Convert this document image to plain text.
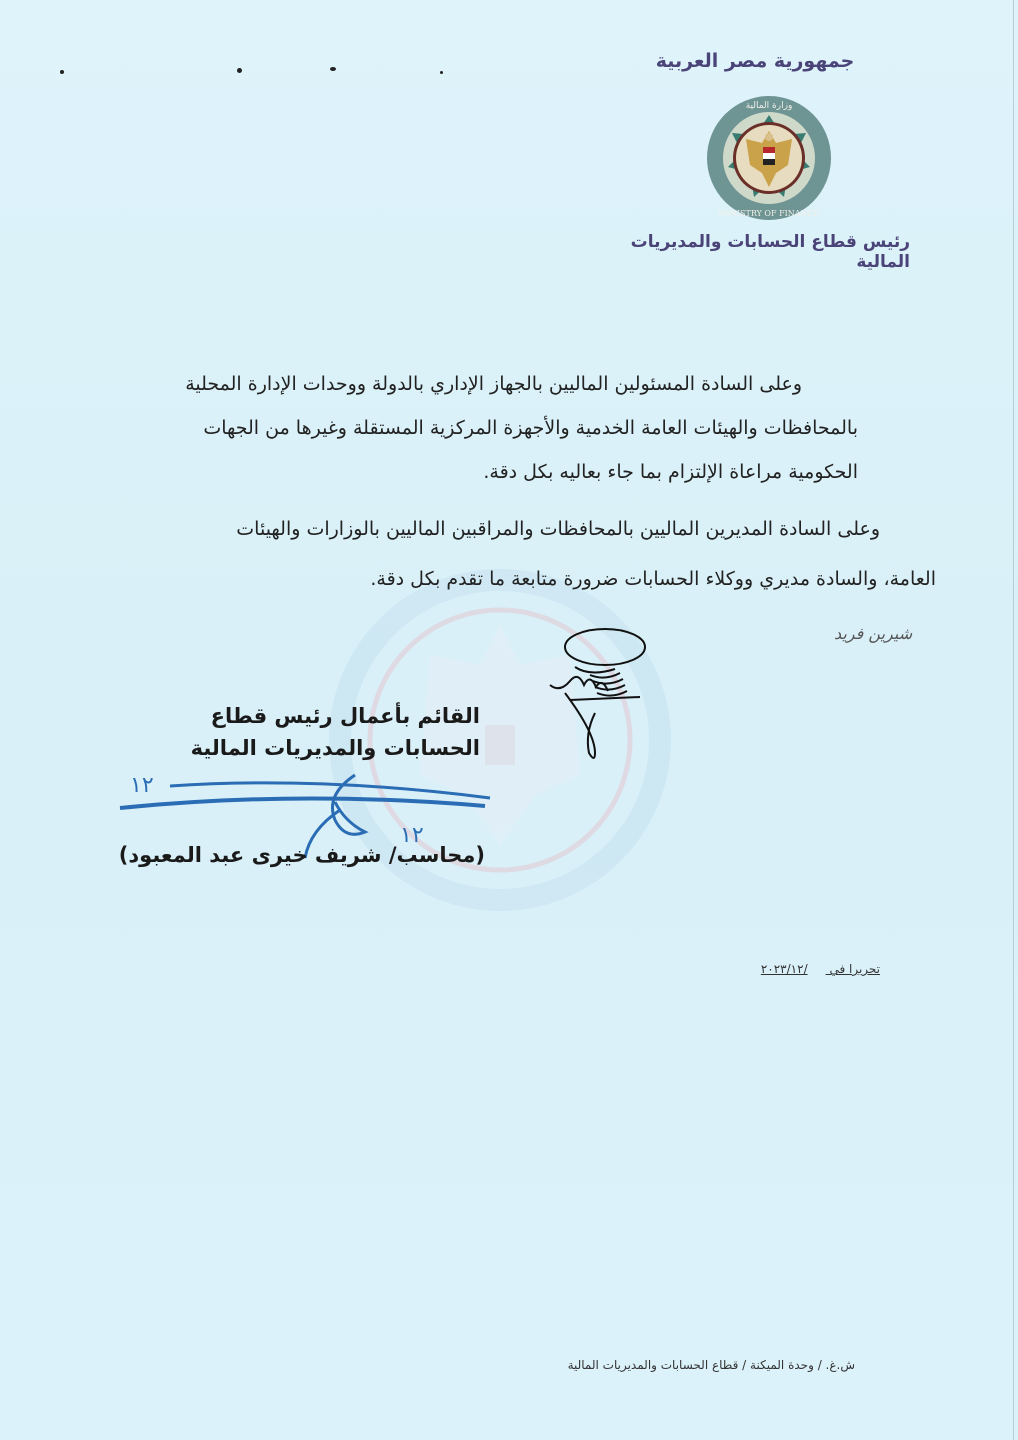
جمهورية مصر العربية
وزارة المالية
MINISTRY OF FINANCE
رئيس قطاع الحسابات والمديريات المالية
وعلى السادة المسئولين الماليين بالجهاز الإداري بالدولة ووحدات الإدارة المحلية
بالمحافظات والهيئات العامة الخدمية والأجهزة المركزية المستقلة وغيرها من الجهات
الحكومية مراعاة الإلتزام بما جاء بعاليه بكل دقة.
وعلى السادة المديرين الماليين بالمحافظات والمراقبين الماليين بالوزارات والهيئات
العامة، والسادة مديري ووكلاء الحسابات ضرورة متابعة ما تقدم بكل دقة.
شيرين فريد
القائم بأعمال رئيس قطاع
الحسابات والمديريات المالية
١٢
١٢
(محاسب/ شريف خيرى عبد المعبود)
تحريرا في /٢٠٢٣/١٢
ش.غ. / وحدة الميكنة / قطاع الحسابات والمديريات المالية
